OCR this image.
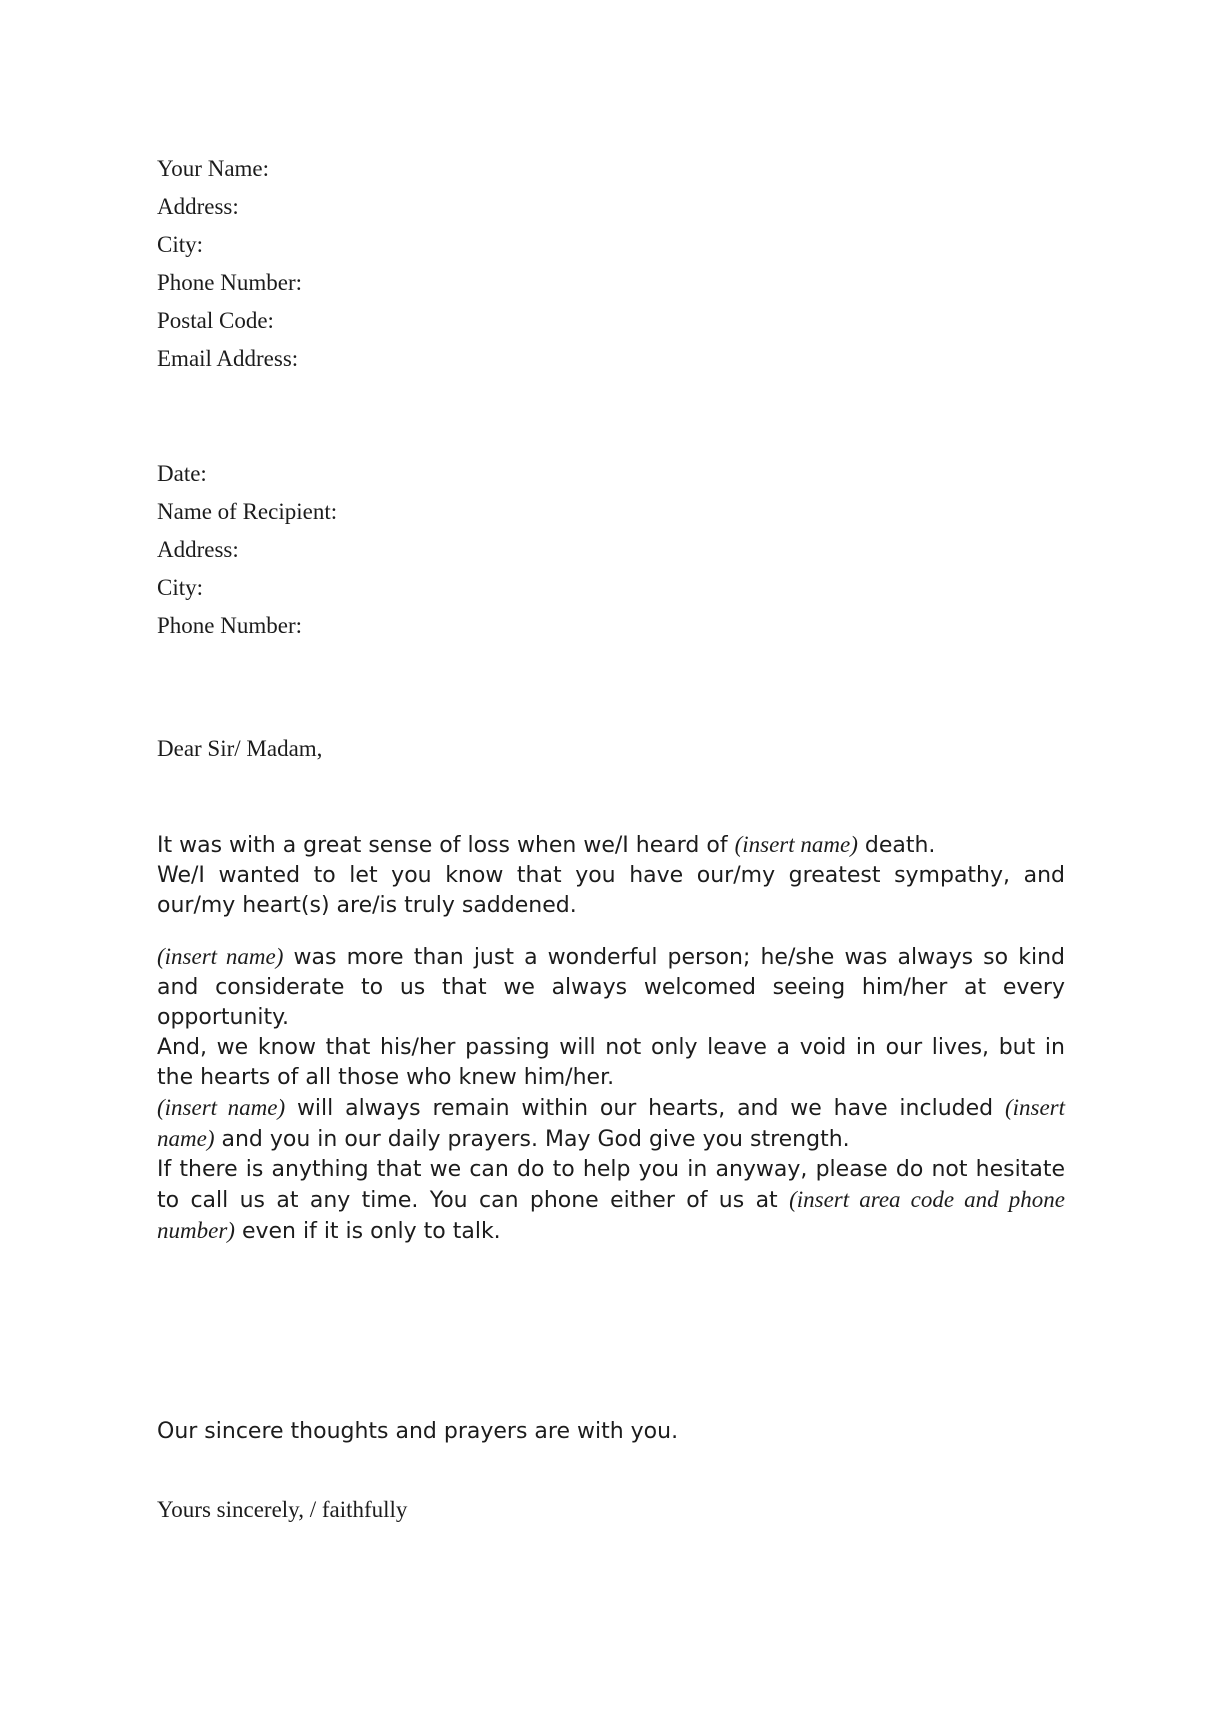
Your Name:

Address:

City:

Phone Number:

Postal Code:

Email Address:

Date:

Name of Recipient:

Address:

City:

Phone Number:

Dear Sir/ Madam,

It was with a great sense of loss when we/I heard of (insert name) death.
We/I wanted to let you know that you have our/my greatest sympathy, and our/my heart(s) are/is truly saddened.

(insert name) was more than just a wonderful person; he/she was always so kind and considerate to us that we always welcomed seeing him/her at every opportunity.

And, we know that his/her passing will not only leave a void in our lives, but in the hearts of all those who knew him/her.

(insert name) will always remain within our hearts, and we have included (insert name) and you in our daily prayers. May God give you strength.

If there is anything that we can do to help you in anyway, please do not hesitate to call us at any time. You can phone either of us at (insert area code and phone number) even if it is only to talk.

Our sincere thoughts and prayers are with you.

Yours sincerely, / faithfully
